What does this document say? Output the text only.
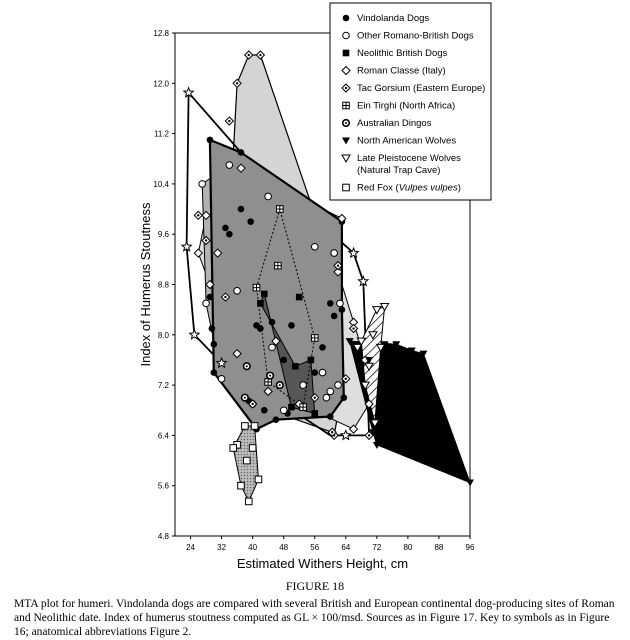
4.8
5.6
6.4
7.2
8.0
8.8
9.6
10.4
11.2
12.0
12.8
24	32	40	48	56	64	72	80	88	96
Estimated Withers Height, cm
Index of Humerus Stoutness
Vindolanda Dogs
Other Romano-British Dogs
Neolithic British Dogs
Roman Classe (Italy)
Tac Gorsium (Eastern Europe)
Ein Tirghi (North Africa)
Australian Dingos
North American Wolves
Late Pleistocene Wolves
(Natural Trap Cave)
Red Fox (Vulpes vulpes)
FIGURE 18
MTA plot for humeri. Vindolanda dogs are compared with several British and European continental dog-producing sites of Roman and Neolithic date. Index of humerus stoutness computed as GL × 100/msd. Sources as in Figure 17. Key to symbols as in Figure 16; anatomical abbreviations Figure 2.
